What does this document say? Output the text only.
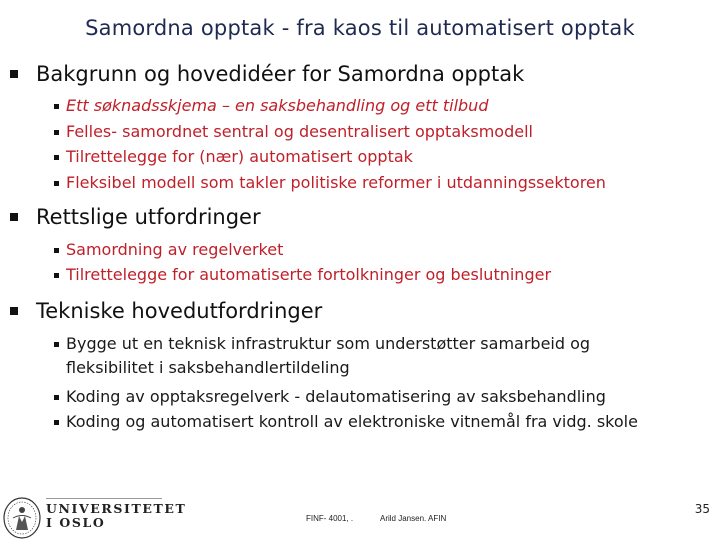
Samordna opptak - fra kaos til automatisert opptak
Bakgrunn og hovedidéer for Samordna opptak
Ett søknadsskjema – en saksbehandling og ett tilbud
Felles- samordnet sentral og desentralisert opptaksmodell
Tilrettelegge for (nær) automatisert opptak
Fleksibel modell som takler politiske reformer i utdanningssektoren
Rettslige utfordringer
Samordning av regelverket
Tilrettelegge for automatiserte fortolkninger og beslutninger
Tekniske hovedutfordringer
Bygge ut en teknisk infrastruktur som understøtter samarbeid og
fleksibilitet i saksbehandlertildeling
Koding av opptaksregelverk - delautomatisering av saksbehandling
Koding og automatisert kontroll av elektroniske vitnemål fra vidg. skole
UNIVERSITETET
I OSLO	FINF- 4001, .	Arild Jansen. AFIN
35
